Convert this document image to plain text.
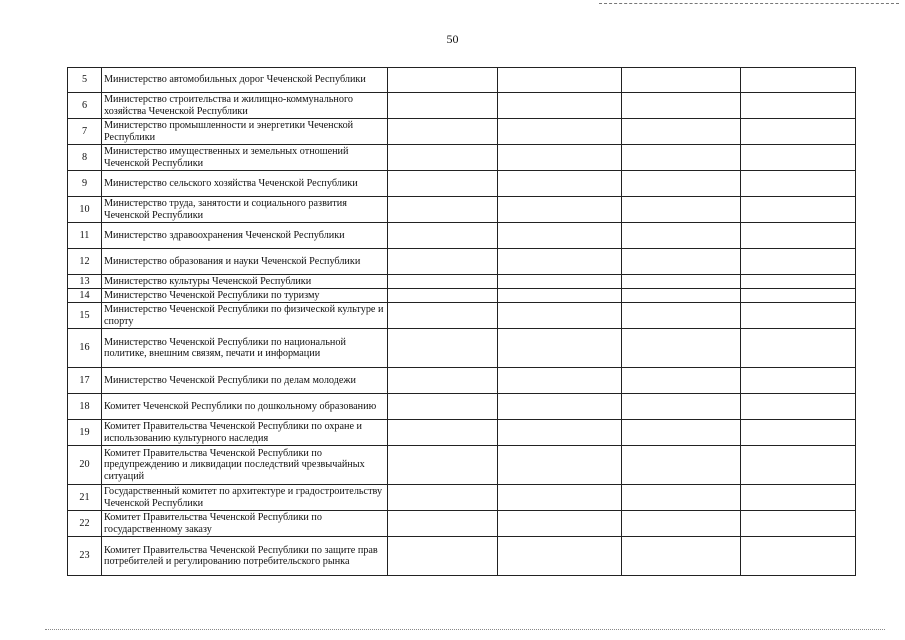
50
5	Министерство автомобильных дорог Чеченской Республики				
6	Министерство строительства и жилищно-коммунального хозяйства Чеченской Республики				
7	Министерство промышленности и энергетики Чеченской Республики				
8	Министерство имущественных и земельных отношений Чеченской Республики				
9	Министерство сельского хозяйства Чеченской Республики				
10	Министерство труда, занятости и социального развития Чеченской Республики				
11	Министерство здравоохранения Чеченской Республики				
12	Министерство образования и науки Чеченской Республики				
13	Министерство культуры Чеченской Республики				
14	Министерство Чеченской Республики по туризму				
15	Министерство Чеченской Республики по физической культуре и спорту				
16	Министерство Чеченской Республики по национальной политике, внешним связям, печати и информации				
17	Министерство Чеченской Республики по делам молодежи				
18	Комитет Чеченской Республики по дошкольному образованию				
19	Комитет Правительства Чеченской Республики по охране и использованию культурного наследия				
20	Комитет Правительства Чеченской Республики по предупреждению и ликвидации последствий чрезвычайных ситуаций				
21	Государственный комитет по архитектуре и градостроительству Чеченской Республики				
22	Комитет Правительства Чеченской Республики по государственному заказу				
23	Комитет Правительства Чеченской Республики по защите прав потребителей и регулированию потребительского рынка				
